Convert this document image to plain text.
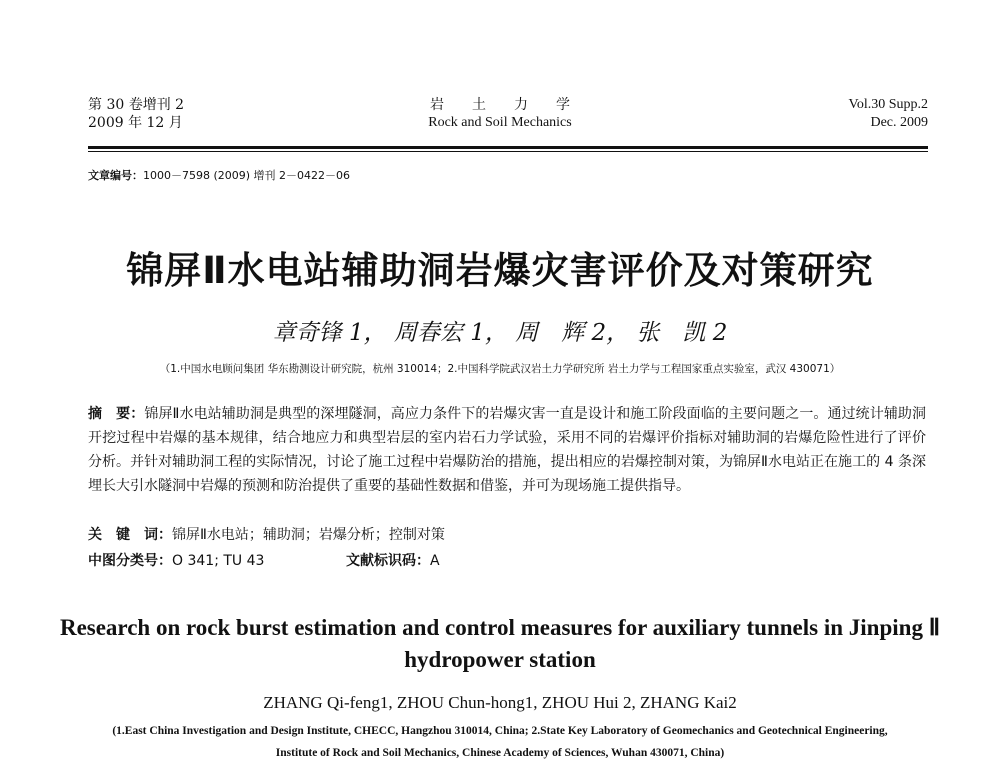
第 30 卷增刊 2
2009 年 12 月
岩　　土　　力　　学
Rock and Soil Mechanics
Vol.30 Supp.2
Dec. 2009
文章编号：1000－7598 (2009) 增刊 2－0422－06
锦屏Ⅱ水电站辅助洞岩爆灾害评价及对策研究
章奇锋 1， 周春宏 1， 周　辉 2， 张　凯 2
（1.中国水电顾问集团 华东勘测设计研究院，杭州 310014；2.中国科学院武汉岩土力学研究所 岩土力学与工程国家重点实验室，武汉 430071）
摘　要：锦屏Ⅱ水电站辅助洞是典型的深埋隧洞，高应力条件下的岩爆灾害一直是设计和施工阶段面临的主要问题之一。通过统计辅助洞开挖过程中岩爆的基本规律，结合地应力和典型岩层的室内岩石力学试验，采用不同的岩爆评价指标对辅助洞的岩爆危险性进行了评价分析。并针对辅助洞工程的实际情况，讨论了施工过程中岩爆防治的措施，提出相应的岩爆控制对策，为锦屏Ⅱ水电站正在施工的 4 条深埋长大引水隧洞中岩爆的预测和防治提供了重要的基础性数据和借鉴，并可为现场施工提供指导。
关　键　词：锦屏Ⅱ水电站；辅助洞；岩爆分析；控制对策
中图分类号：O 341; TU 43	文献标识码：A
Research on rock burst estimation and control measures for auxiliary tunnels in Jinping Ⅱ hydropower station
ZHANG Qi-feng1, ZHOU Chun-hong1, ZHOU Hui 2, ZHANG Kai2
(1.East China Investigation and Design Institute, CHECC, Hangzhou 310014, China; 2.State Key Laboratory of Geomechanics and Geotechnical Engineering,
Institute of Rock and Soil Mechanics, Chinese Academy of Sciences, Wuhan 430071, China)
